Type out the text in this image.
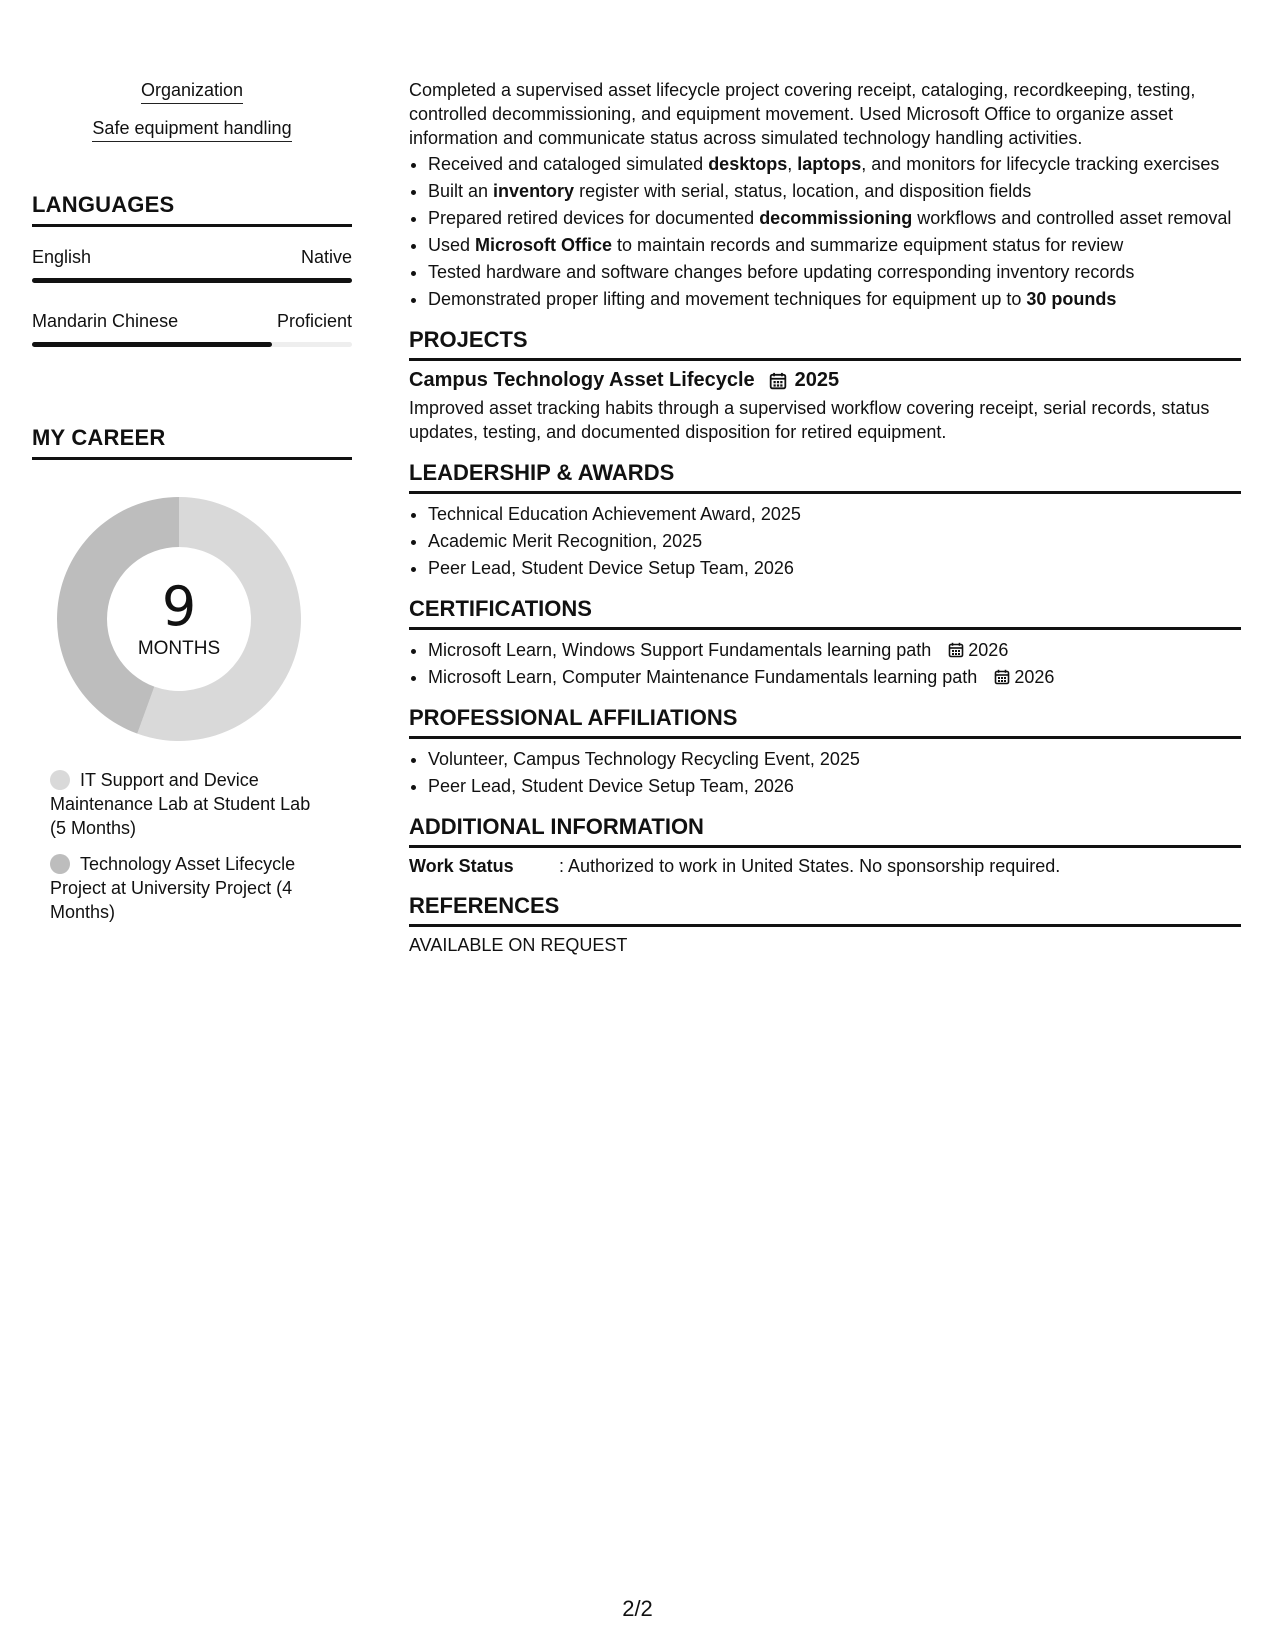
Organization
Safe equipment handling
LANGUAGES
English	Native
Mandarin Chinese	Proficient
MY CAREER
9
MONTHS
IT Support and Device Maintenance Lab at Student Lab (5 Months)
Technology Asset Lifecycle Project at University Project (4 Months)

Completed a supervised asset lifecycle project covering receipt, cataloging, recordkeeping, testing, controlled decommissioning, and equipment movement. Used Microsoft Office to organize asset information and communicate status across simulated technology handling activities.

• Received and cataloged simulated desktops, laptops, and monitors for lifecycle tracking exercises
• Built an inventory register with serial, status, location, and disposition fields
• Prepared retired devices for documented decommissioning workflows and controlled asset removal
• Used Microsoft Office to maintain records and summarize equipment status for review
• Tested hardware and software changes before updating corresponding inventory records
• Demonstrated proper lifting and movement techniques for equipment up to 30 pounds
PROJECTS
Campus Technology Asset Lifecycle 2025
Improved asset tracking habits through a supervised workflow covering receipt, serial records, status updates, testing, and documented disposition for retired equipment.
LEADERSHIP & AWARDS
• Technical Education Achievement Award, 2025
• Academic Merit Recognition, 2025
• Peer Lead, Student Device Setup Team, 2026
CERTIFICATIONS
• Microsoft Learn, Windows Support Fundamentals learning path 2026
• Microsoft Learn, Computer Maintenance Fundamentals learning path 2026
PROFESSIONAL AFFILIATIONS
• Volunteer, Campus Technology Recycling Event, 2025
• Peer Lead, Student Device Setup Team, 2026
ADDITIONAL INFORMATION
Work Status	: Authorized to work in United States. No sponsorship required.
REFERENCES
AVAILABLE ON REQUEST
2/2
